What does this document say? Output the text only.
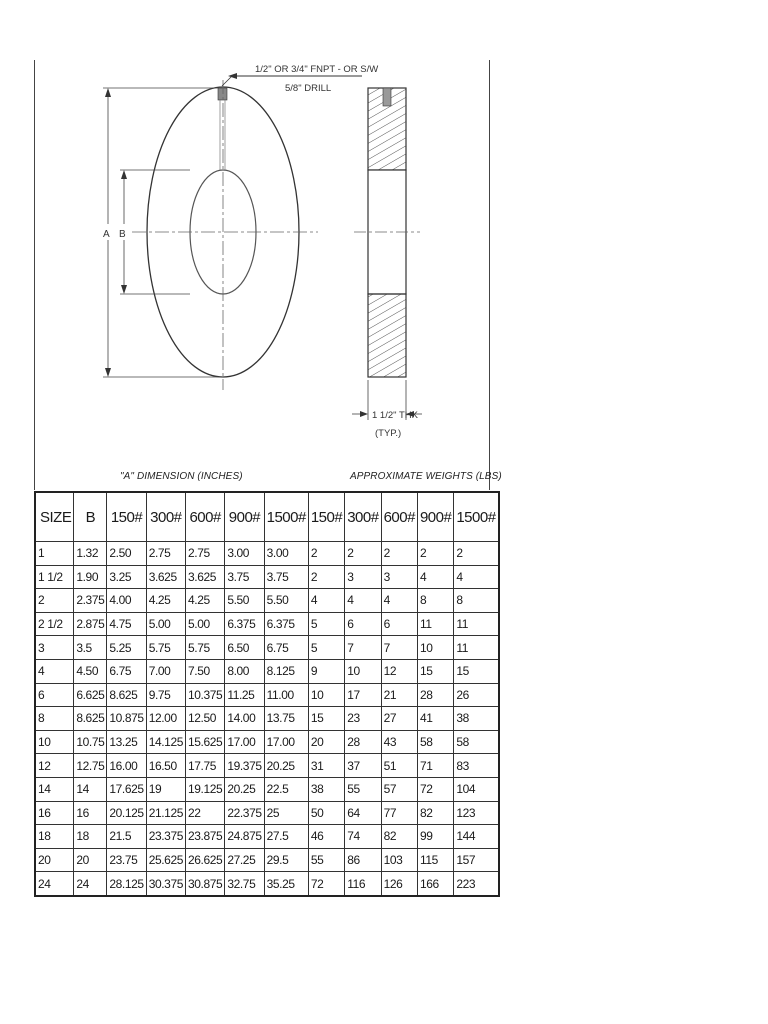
A B
1/2" OR 3/4" FNPT - OR S/W
5/8" DRILL
1 1/2" THK
(TYP.)
"A" DIMENSION (INCHES)	APPROXIMATE WEIGHTS (LBS)
SIZE	B	150#	300#	600#	900#	1500#	150#	300#	600#	900#	1500#
1	1.32	2.50	2.75	2.75	3.00	3.00	2	2	2	2	2
1 1/2	1.90	3.25	3.625	3.625	3.75	3.75	2	3	3	4	4
2	2.375	4.00	4.25	4.25	5.50	5.50	4	4	4	8	8
2 1/2	2.875	4.75	5.00	5.00	6.375	6.375	5	6	6	11	11
3	3.5	5.25	5.75	5.75	6.50	6.75	5	7	7	10	11
4	4.50	6.75	7.00	7.50	8.00	8.125	9	10	12	15	15
6	6.625	8.625	9.75	10.375	11.25	11.00	10	17	21	28	26
8	8.625	10.875	12.00	12.50	14.00	13.75	15	23	27	41	38
10	10.75	13.25	14.125	15.625	17.00	17.00	20	28	43	58	58
12	12.75	16.00	16.50	17.75	19.375	20.25	31	37	51	71	83
14	14	17.625	19	19.125	20.25	22.5	38	55	57	72	104
16	16	20.125	21.125	22	22.375	25	50	64	77	82	123
18	18	21.5	23.375	23.875	24.875	27.5	46	74	82	99	144
20	20	23.75	25.625	26.625	27.25	29.5	55	86	103	115	157
24	24	28.125	30.375	30.875	32.75	35.25	72	116	126	166	223
